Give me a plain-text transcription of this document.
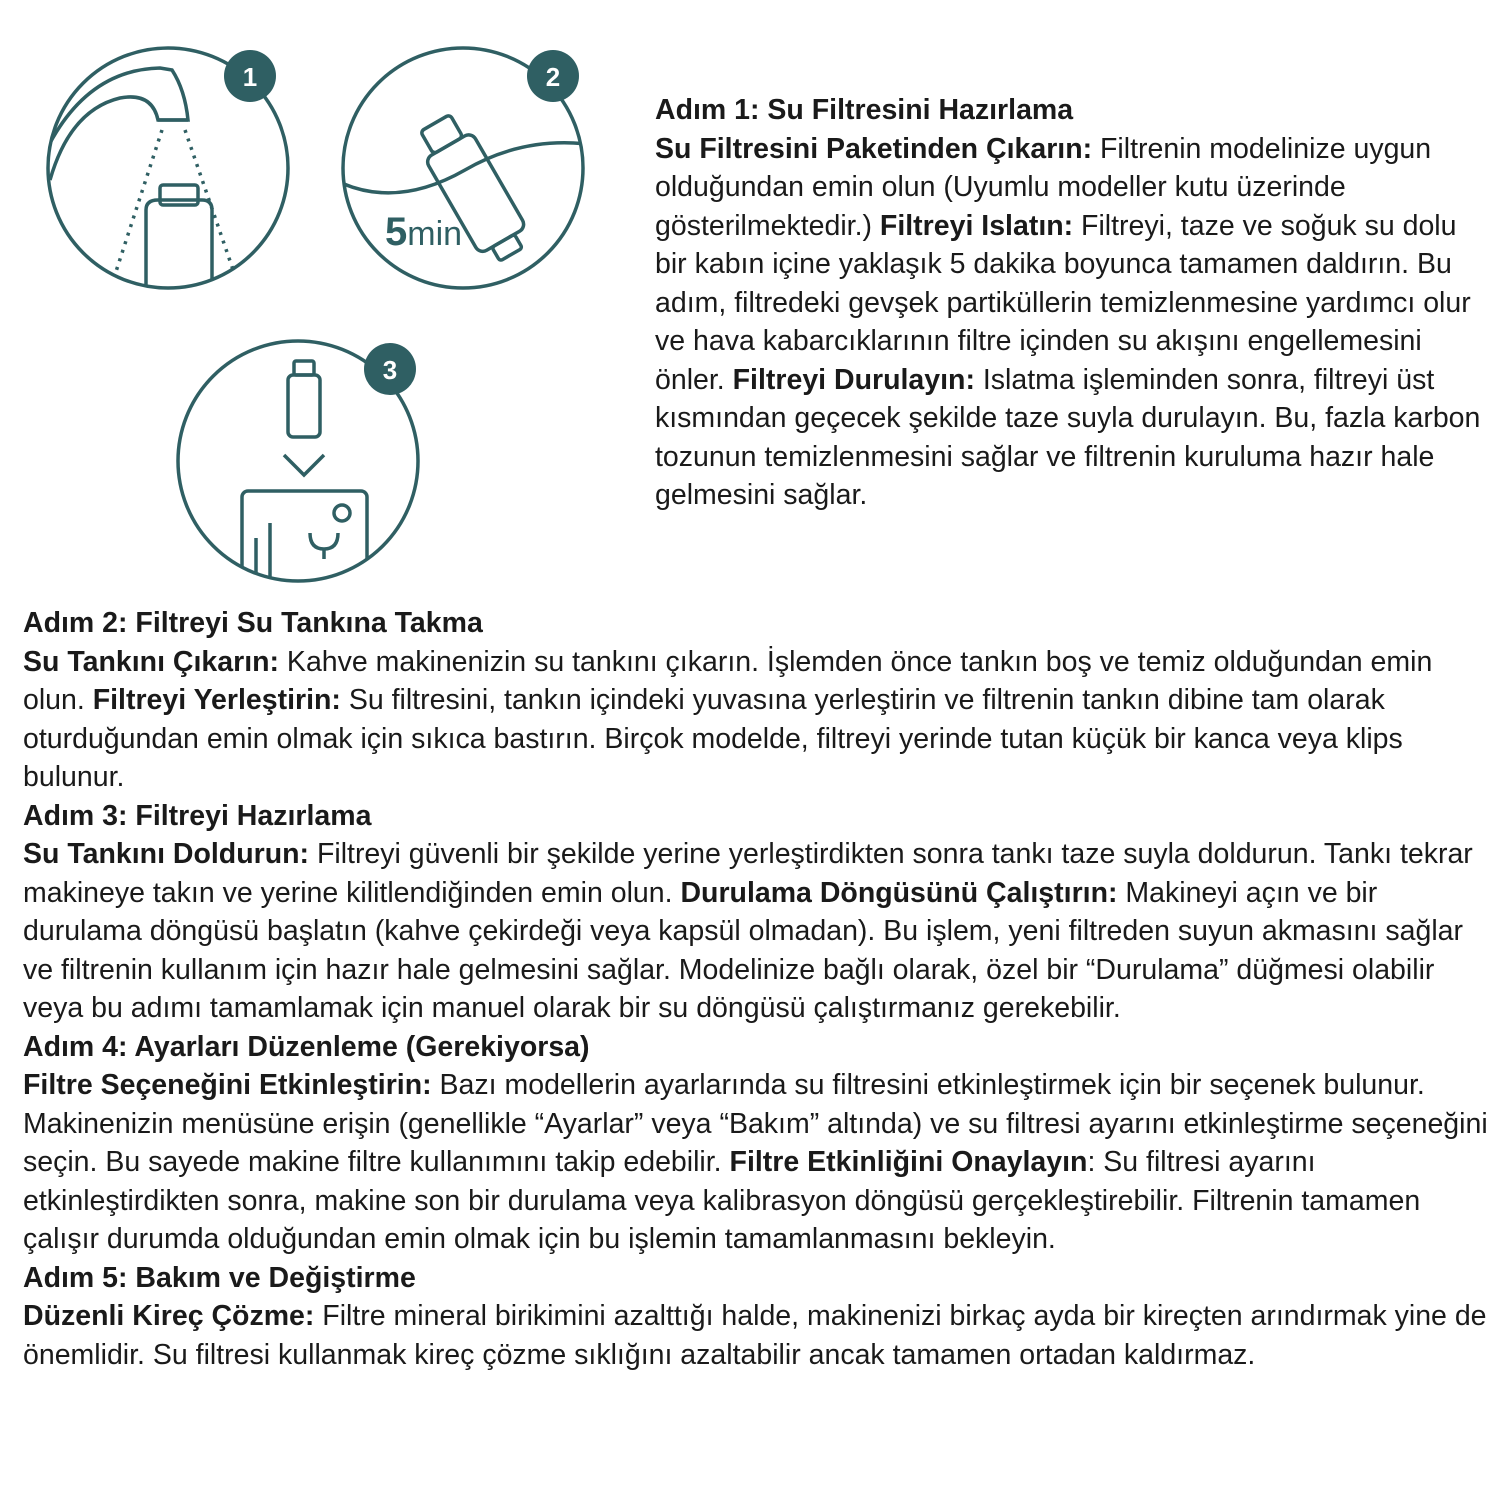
1
5min
2
3

Adım 1: Su Filtresini Hazırlama

Su Filtresini Paketinden Çıkarın: Filtrenin modelinize uygun olduğundan emin olun (Uyumlu modeller kutu üzerinde gösterilmektedir.) Filtreyi Islatın: Filtreyi, taze ve soğuk su dolu bir kabın içine yaklaşık 5 dakika boyunca tamamen daldırın. Bu adım, filtredeki gevşek partiküllerin temizlenmesine yardımcı olur ve hava kabarcıklarının filtre içinden su akışını engellemesini önler. Filtreyi Durulayın: Islatma işleminden sonra, filtreyi üst kısmından geçecek şekilde taze suyla durulayın. Bu, fazla karbon tozunun temizlenmesini sağlar ve filtrenin kuruluma hazır hale gelmesini sağlar.

Adım 2: Filtreyi Su Tankına Takma

Su Tankını Çıkarın: Kahve makinenizin su tankını çıkarın. İşlemden önce tankın boş ve temiz olduğundan emin olun. Filtreyi Yerleştirin: Su filtresini, tankın içindeki yuvasına yerleştirin ve filtrenin tankın dibine tam olarak oturduğundan emin olmak için sıkıca bastırın. Birçok modelde, filtreyi yerinde tutan küçük bir kanca veya klips bulunur.

Adım 3: Filtreyi Hazırlama

Su Tankını Doldurun: Filtreyi güvenli bir şekilde yerine yerleştirdikten sonra tankı taze suyla doldurun. Tankı tekrar makineye takın ve yerine kilitlendiğinden emin olun. Durulama Döngüsünü Çalıştırın: Makineyi açın ve bir durulama döngüsü başlatın (kahve çekirdeği veya kapsül olmadan). Bu işlem, yeni filtreden suyun akmasını sağlar ve filtrenin kullanım için hazır hale gelmesini sağlar. Modelinize bağlı olarak, özel bir “Durulama” düğmesi olabilir veya bu adımı tamamlamak için manuel olarak bir su döngüsü çalıştırmanız gerekebilir.

Adım 4: Ayarları Düzenleme (Gerekiyorsa)

Filtre Seçeneğini Etkinleştirin: Bazı modellerin ayarlarında su filtresini etkinleştirmek için bir seçenek bulunur. Makinenizin menüsüne erişin (genellikle “Ayarlar” veya “Bakım” altında) ve su filtresi ayarını etkinleştirme seçeneğini seçin. Bu sayede makine filtre kullanımını takip edebilir. Filtre Etkinliğini Onaylayın: Su filtresi ayarını etkinleştirdikten sonra, makine son bir durulama veya kalibrasyon döngüsü gerçekleştirebilir. Filtrenin tamamen çalışır durumda olduğundan emin olmak için bu işlemin tamamlanmasını bekleyin.

Adım 5: Bakım ve Değiştirme

Düzenli Kireç Çözme: Filtre mineral birikimini azalttığı halde, makinenizi birkaç ayda bir kireçten arındırmak yine de önemlidir. Su filtresi kullanmak kireç çözme sıklığını azaltabilir ancak tamamen ortadan kaldırmaz.
